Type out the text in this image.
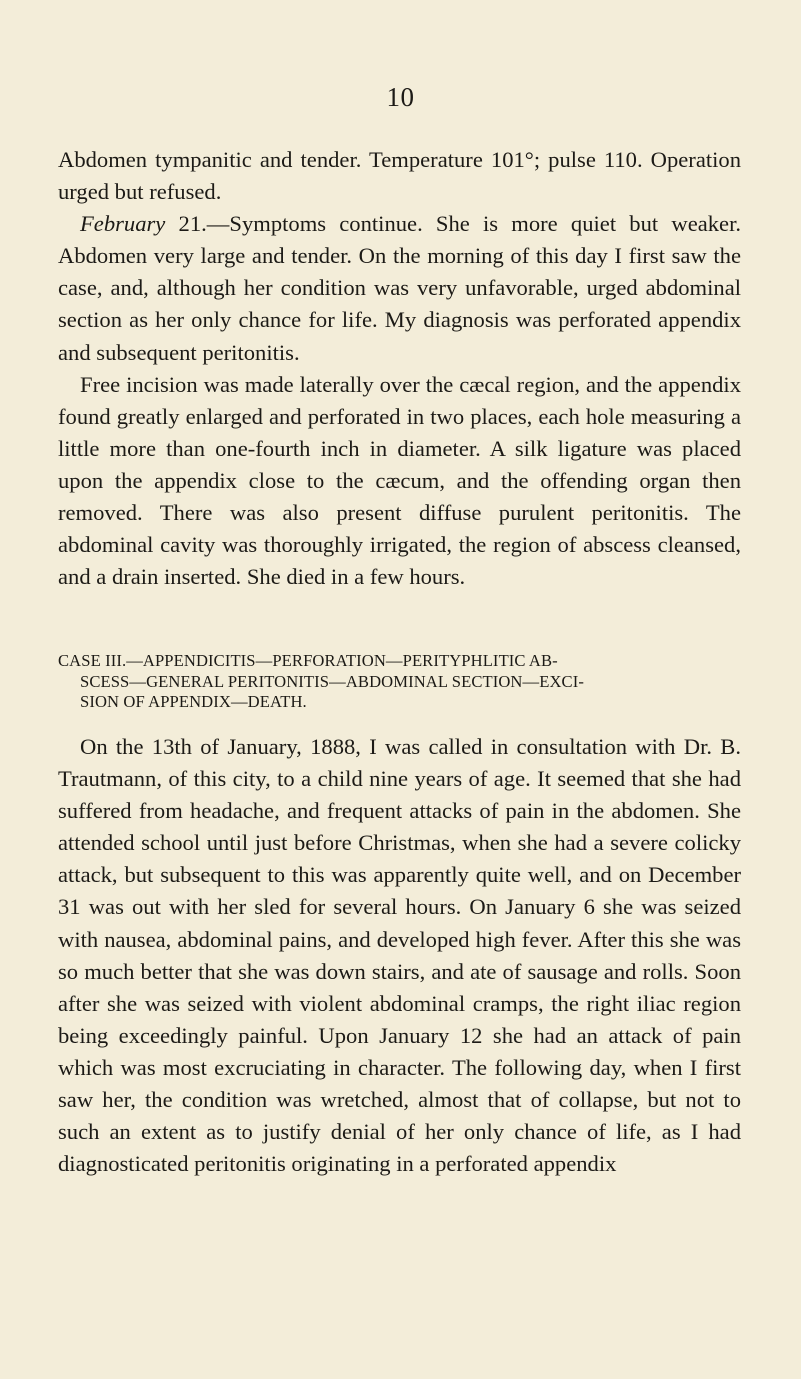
10

Abdomen tympanitic and tender. Temperature 101°; pulse 110. Operation urged but refused.

February 21.—Symptoms continue. She is more quiet but weaker. Abdomen very large and tender. On the morning of this day I first saw the case, and, although her condition was very unfavorable, urged abdominal section as her only chance for life. My diagnosis was perforated appendix and subsequent peritonitis.

Free incision was made laterally over the cæcal region, and the appendix found greatly enlarged and perforated in two places, each hole measuring a little more than one-fourth inch in diameter. A silk ligature was placed upon the appendix close to the cæcum, and the offending organ then removed. There was also present diffuse purulent peritonitis. The abdominal cavity was thoroughly irrigated, the region of abscess cleansed, and a drain inserted. She died in a few hours.

CASE III.—APPENDICITIS—PERFORATION—PERITYPHLITIC AB-
SCESS—GENERAL PERITONITIS—ABDOMINAL SECTION—EXCI-
SION OF APPENDIX—DEATH.

On the 13th of January, 1888, I was called in consultation with Dr. B. Trautmann, of this city, to a child nine years of age. It seemed that she had suffered from headache, and frequent attacks of pain in the abdomen. She attended school until just before Christmas, when she had a severe colicky attack, but subsequent to this was apparently quite well, and on December 31 was out with her sled for several hours. On January 6 she was seized with nausea, abdominal pains, and developed high fever. After this she was so much better that she was down stairs, and ate of sausage and rolls. Soon after she was seized with violent abdominal cramps, the right iliac region being exceedingly painful. Upon January 12 she had an attack of pain which was most excruciating in character. The following day, when I first saw her, the condition was wretched, almost that of collapse, but not to such an extent as to justify denial of her only chance of life, as I had diagnosticated peritonitis originating in a perforated appendix
